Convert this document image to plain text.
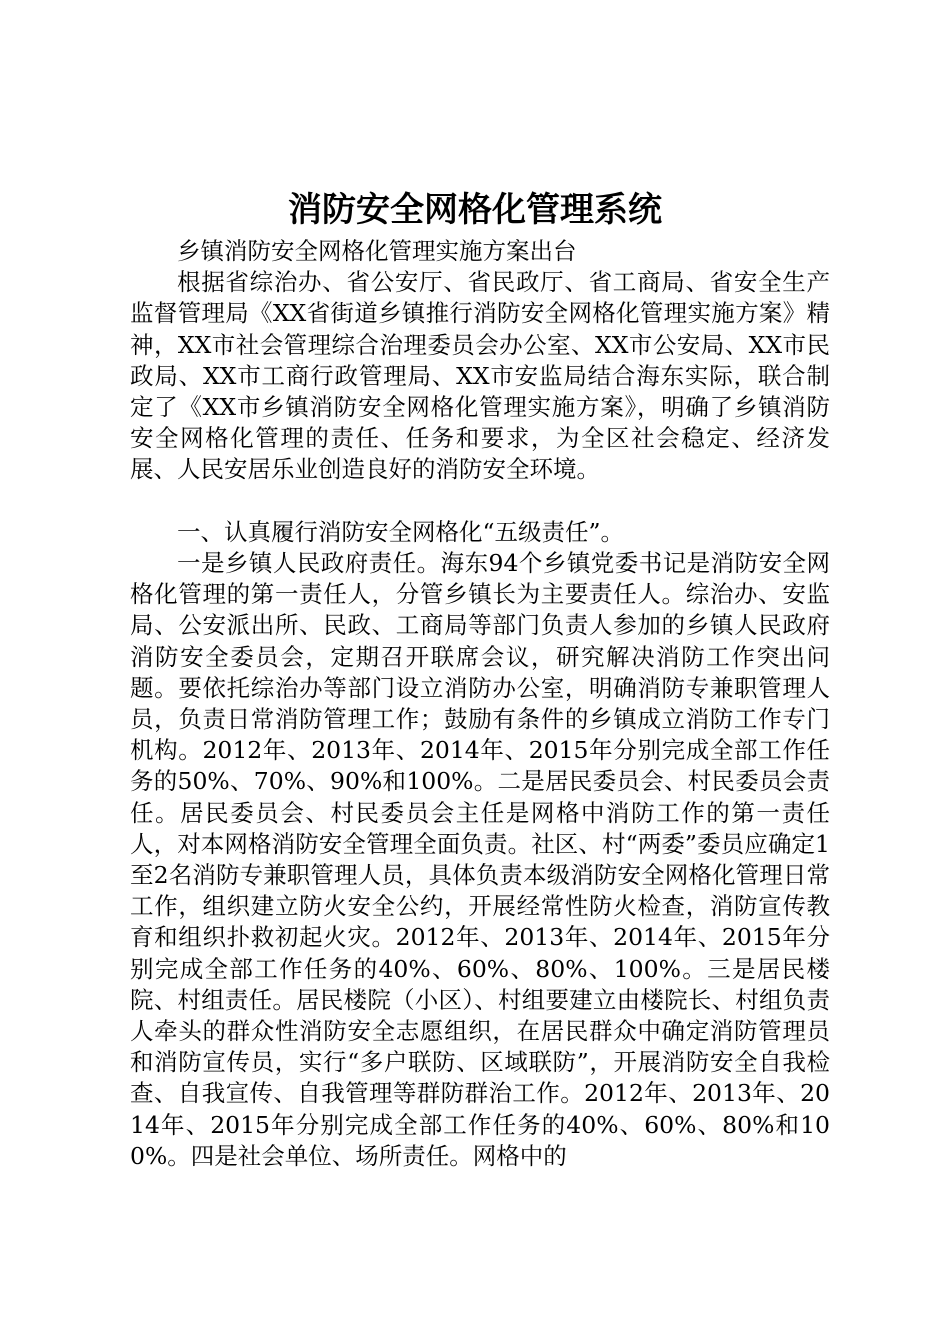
消防安全网格化管理系统

乡镇消防安全网格化管理实施方案出台

根据省综治办、省公安厅、省民政厅、省工商局、省安全生产监督管理局《XX省街道乡镇推行消防安全网格化管理实施方案》精神，XX市社会管理综合治理委员会办公室、XX市公安局、XX市民政局、XX市工商行政管理局、XX市安监局结合海东实际，联合制定了《XX市乡镇消防安全网格化管理实施方案》，明确了乡镇消防安全网格化管理的责任、任务和要求，为全区社会稳定、经济发展、人民安居乐业创造良好的消防安全环境。

一、认真履行消防安全网格化“五级责任”。

一是乡镇人民政府责任。海东94个乡镇党委书记是消防安全网格化管理的第一责任人，分管乡镇长为主要责任人。综治办、安监局、公安派出所、民政、工商局等部门负责人参加的乡镇人民政府消防安全委员会，定期召开联席会议，研究解决消防工作突出问题。要依托综治办等部门设立消防办公室，明确消防专兼职管理人员，负责日常消防管理工作；鼓励有条件的乡镇成立消防工作专门机构。2012年、2013年、2014年、2015年分别完成全部工作任务的50%、70%、90%和100%。二是居民委员会、村民委员会责任。居民委员会、村民委员会主任是网格中消防工作的第一责任人，对本网格消防安全管理全面负责。社区、村“两委”委员应确定1至2名消防专兼职管理人员，具体负责本级消防安全网格化管理日常工作，组织建立防火安全公约，开展经常性防火检查，消防宣传教育和组织扑救初起火灾。2012年、2013年、2014年、2015年分别完成全部工作任务的40%、60%、80%、100%。三是居民楼院、村组责任。居民楼院（小区）、村组要建立由楼院长、村组负责人牵头的群众性消防安全志愿组织，在居民群众中确定消防管理员和消防宣传员，实行“多户联防、区域联防”，开展消防安全自我检查、自我宣传、自我管理等群防群治工作。2012年、2013年、2014年、2015年分别完成全部工作任务的40%、60%、80%和100%。四是社会单位、场所责任。网格中的
